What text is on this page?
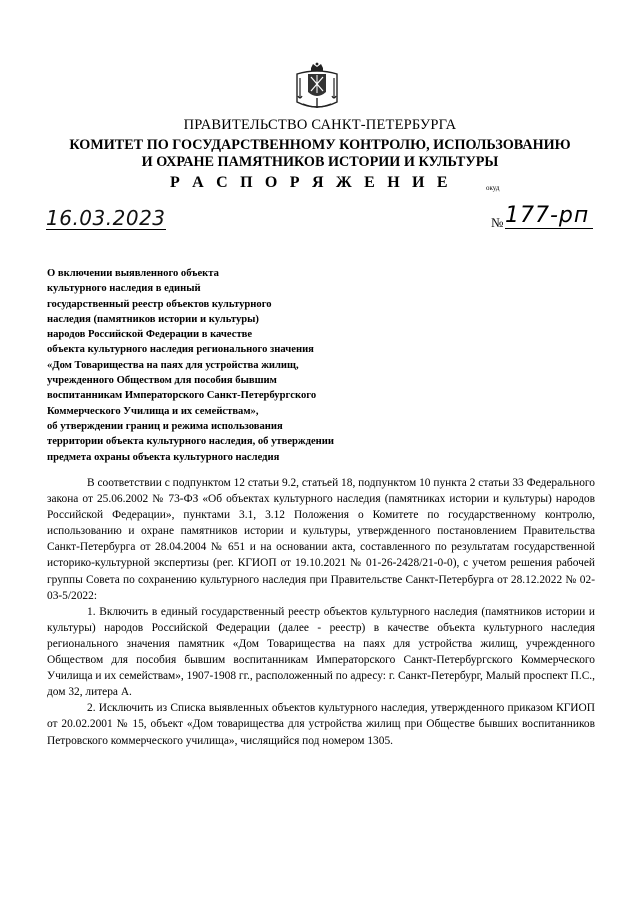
ПРАВИТЕЛЬСТВО САНКТ-ПЕТЕРБУРГА
КОМИТЕТ ПО ГОСУДАРСТВЕННОМУ КОНТРОЛЮ, ИСПОЛЬЗОВАНИЮ
И ОХРАНЕ ПАМЯТНИКОВ ИСТОРИИ И КУЛЬТУРЫ
Р А С П О Р Я Ж Е Н И Е	окуд
16.03.2023	№ 177-рп
О включении выявленного объекта
культурного наследия в единый
государственный реестр объектов культурного
наследия (памятников истории и культуры)
народов Российской Федерации в качестве
объекта культурного наследия регионального значения
«Дом Товарищества на паях для устройства жилищ,
учрежденного Обществом для пособия бывшим
воспитанникам Императорского Санкт-Петербургского
Коммерческого Училища и их семействам»,
об утверждении границ и режима использования
территории объекта культурного наследия, об утверждении
предмета охраны объекта культурного наследия

В соответствии с подпунктом 12 статьи 9.2, статьей 18, подпунктом 10 пункта 2 статьи 33 Федерального закона от 25.06.2002 № 73-ФЗ «Об объектах культурного наследия (памятниках истории и культуры) народов Российской Федерации», пунктами 3.1, 3.12 Положения о Комитете по государственному контролю, использованию и охране памятников истории и культуры, утвержденного постановлением Правительства Санкт-Петербурга от 28.04.2004 № 651 и на основании акта, составленного по результатам государственной историко-культурной экспертизы (рег. КГИОП от 19.10.2021 № 01-26-2428/21-0-0), с учетом решения рабочей группы Совета по сохранению культурного наследия при Правительстве Санкт-Петербурга от 28.12.2022 № 02-03-5/2022:

1. Включить в единый государственный реестр объектов культурного наследия (памятников истории и культуры) народов Российской Федерации (далее - реестр) в качестве объекта культурного наследия регионального значения памятник «Дом Товарищества на паях для устройства жилищ, учрежденного Обществом для пособия бывшим воспитанникам Императорского Санкт-Петербургского Коммерческого Училища и их семействам», 1907-1908 гг., расположенный по адресу: г. Санкт-Петербург, Малый проспект П.С., дом 32, литера А.

2. Исключить из Списка выявленных объектов культурного наследия, утвержденного приказом КГИОП от 20.02.2001 № 15, объект «Дом товарищества для устройства жилищ при Обществе бывших воспитанников Петровского коммерческого училища», числящийся под номером 1305.
